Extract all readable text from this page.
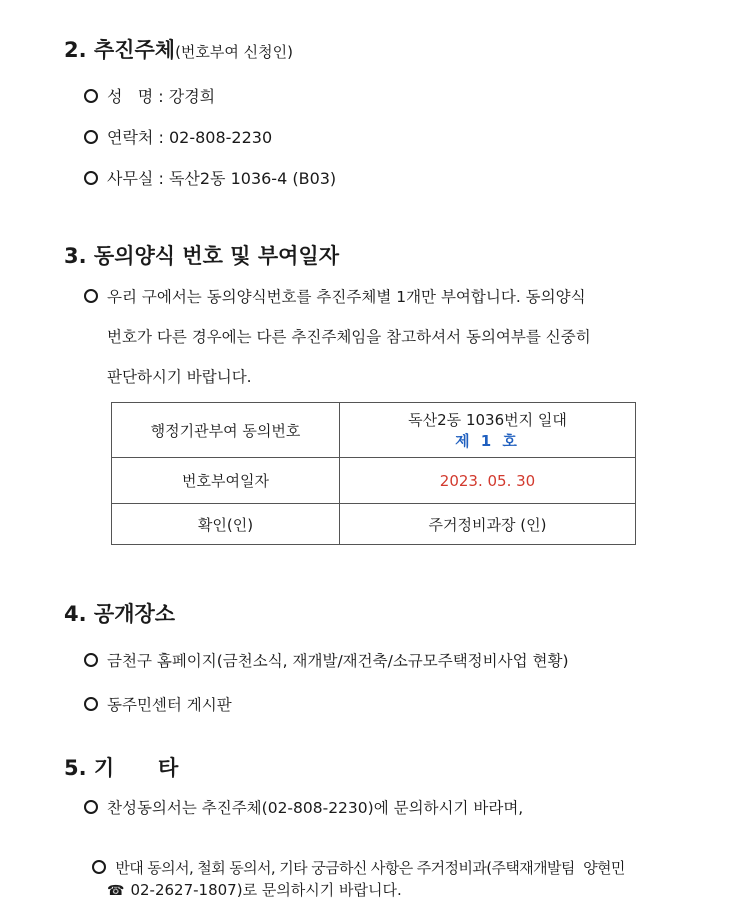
2. 추진주체(번호부여 신청인)
성   명 : 강경희
연락처 : 02-808-2230
사무실 : 독산2동 1036-4 (B03)
3. 동의양식 번호 및 부여일자
우리 구에서는 동의양식번호를 추진주체별 1개만 부여합니다. 동의양식
번호가 다른 경우에는 다른 추진주체임을 참고하셔서 동의여부를 신중히
판단하시기 바랍니다.
행정기관부여 동의번호	독산2동 1036번지 일대
제 1 호

번호부여일자	2023. 05. 30
확인(인)	주거정비과장 (인)
4. 공개장소
금천구 홈페이지(금천소식, 재개발/재건축/소규모주택정비사업 현황)
동주민센터 게시판
5. 기      타
찬성동의서는 추진주체(02-808-2230)에 문의하시기 바라며,

반대 동의서, 철회 동의서, 기타 궁금하신 사항은 주거정비과(주택재개발팀  양현민

☎ 02-2627-1807)로 문의하시기 바랍니다.
